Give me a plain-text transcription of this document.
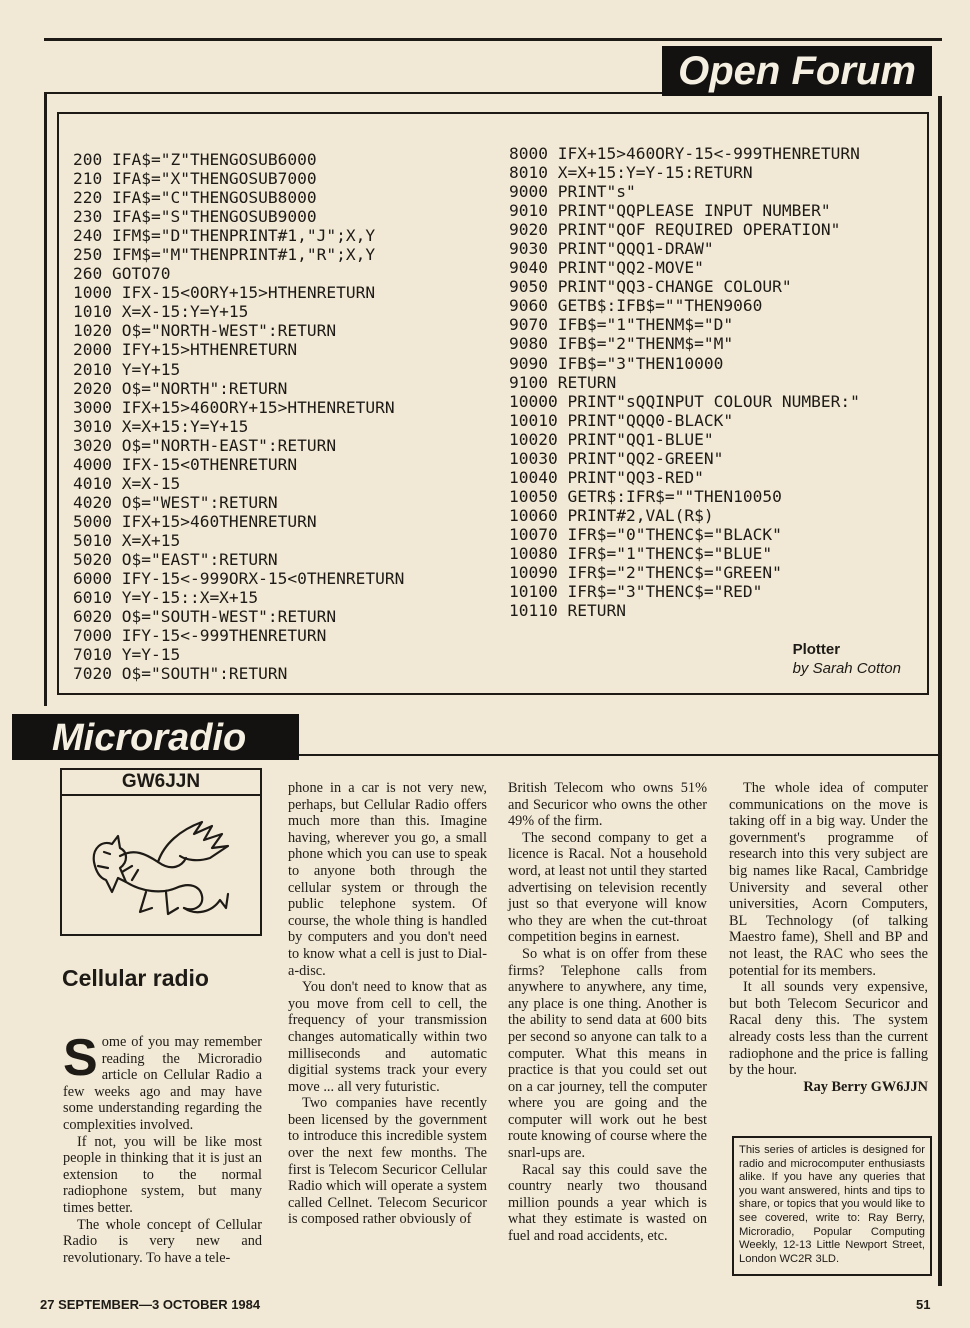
Open Forum
200 IFA$="Z"THENGOSUB6000
210 IFA$="X"THENGOSUB7000
220 IFA$="C"THENGOSUB8000
230 IFA$="S"THENGOSUB9000
240 IFM$="D"THENPRINT#1,"J";X,Y
250 IFM$="M"THENPRINT#1,"R";X,Y
260 GOTO70
1000 IFX-15<0ORY+15>HTHENRETURN
1010 X=X-15:Y=Y+15
1020 O$="NORTH-WEST":RETURN
2000 IFY+15>HTHENRETURN
2010 Y=Y+15
2020 O$="NORTH":RETURN
3000 IFX+15>460ORY+15>HTHENRETURN
3010 X=X+15:Y=Y+15
3020 O$="NORTH-EAST":RETURN
4000 IFX-15<0THENRETURN
4010 X=X-15
4020 O$="WEST":RETURN
5000 IFX+15>460THENRETURN
5010 X=X+15
5020 O$="EAST":RETURN
6000 IFY-15<-999ORX-15<0THENRETURN
6010 Y=Y-15::X=X+15
6020 O$="SOUTH-WEST":RETURN
7000 IFY-15<-999THENRETURN
7010 Y=Y-15
7020 O$="SOUTH":RETURN
8000 IFX+15>460ORY-15<-999THENRETURN
8010 X=X+15:Y=Y-15:RETURN
9000 PRINT"s"
9010 PRINT"QQPLEASE INPUT NUMBER"
9020 PRINT"QOF REQUIRED OPERATION"
9030 PRINT"QQQ1-DRAW"
9040 PRINT"QQ2-MOVE"
9050 PRINT"QQ3-CHANGE COLOUR"
9060 GETB$:IFB$=""THEN9060
9070 IFB$="1"THENM$="D"
9080 IFB$="2"THENM$="M"
9090 IFB$="3"THEN10000
9100 RETURN
10000 PRINT"sQQINPUT COLOUR NUMBER:"
10010 PRINT"QQQ0-BLACK"
10020 PRINT"QQ1-BLUE"
10030 PRINT"QQ2-GREEN"
10040 PRINT"QQ3-RED"
10050 GETR$:IFR$=""THEN10050
10060 PRINT#2,VAL(R$)
10070 IFR$="0"THENC$="BLACK"
10080 IFR$="1"THENC$="BLUE"
10090 IFR$="2"THENC$="GREEN"
10100 IFR$="3"THENC$="RED"
10110 RETURN
Plotter
by Sarah Cotton
Microradio
GW6JJN
Cellular radio

Some of you may remember reading the Microradio article on Cellular Radio a few weeks ago and may have some understanding regarding the complexities involved.

If not, you will be like most people in thinking that it is just an extension to the normal radiophone system, but many times better.

The whole concept of Cellular Radio is very new and revolutionary. To have a tele-

phone in a car is not very new, perhaps, but Cellular Radio offers much more than this. Imagine having, wherever you go, a small phone which you can use to speak to anyone both through the cellular system or through the public telephone system. Of course, the whole thing is handled by computers and you don't need to know what a cell is just to Dial-a-disc.

You don't need to know that as you move from cell to cell, the frequency of your transmission changes automatically within two milliseconds and automatic digitial systems track your every move ... all very futuristic.

Two companies have recently been licensed by the government to introduce this incredible system over the next few months. The first is Telecom Securicor Cellular Radio which will operate a system called Cellnet. Telecom Securicor is composed rather obviously of

British Telecom who owns 51% and Securicor who owns the other 49% of the firm.

The second company to get a licence is Racal. Not a household word, at least not until they started advertising on television recently just so that everyone will know who they are when the cut-throat competition begins in earnest.

So what is on offer from these firms? Telephone calls from anywhere to anywhere, any time, any place is one thing. Another is the ability to send data at 600 bits per second so anyone can talk to a computer. What this means in practice is that you could set out on a car journey, tell the computer where you are going and the computer will work out he best route knowing of course where the snarl-ups are.

Racal say this could save the country nearly two thousand million pounds a year which is what they estimate is wasted on fuel and road accidents, etc.

The whole idea of computer communications on the move is taking off in a big way. Under the government's programme of research into this very subject are big names like Racal, Cambridge University and several other universities, Acorn Computers, BL Technology (of talking Maestro fame), Shell and BP and not least, the RAC who sees the potential for its members.

It all sounds very expensive, but both Telecom Securicor and Racal deny this. The system already costs less than the current radiophone and the price is falling by the hour.

Ray Berry GW6JJN

This series of articles is designed for radio and microcomputer enthusiasts alike. If you have any queries that you want answered, hints and tips to share, or topics that you would like to see covered, write to: Ray Berry, Microradio, Popular Computing Weekly, 12-13 Little Newport Street, London WC2R 3LD.
27 SEPTEMBER—3 OCTOBER 1984	51
